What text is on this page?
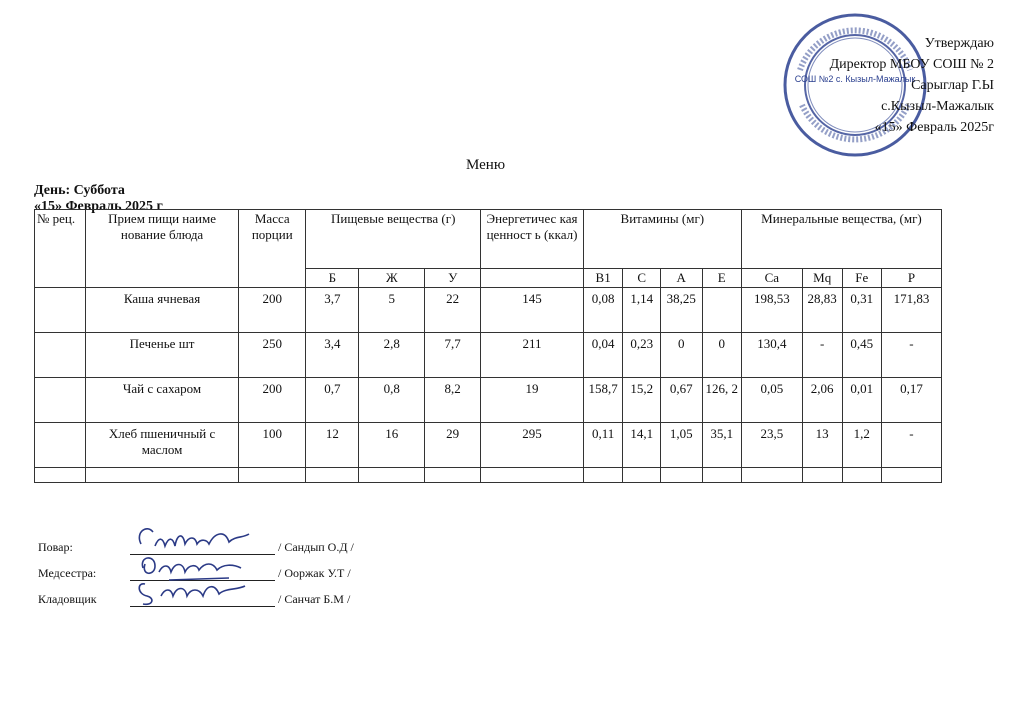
СОШ №2 с. Кызыл-Мажалык
Утверждаю
Директор МБОУ СОШ № 2
Сарыглар Г.Ы
с.Кызыл-Мажалык
«15» Февраль 2025г
Меню
День: Суббота
«15» Февраль 2025 г
№ рец.	Прием пищи наиме нование блюда	Масса порции	Пищевые вещества (г)			Энергетичес кая ценност ь (ккал)	Витамины (мг)				Минеральные вещества, (мг)			
			Б	Ж	У		В1	С	А	Е	Са	Mq	Fe	Р
	Каша ячневая	200	3,7	5	22	145	0,08	1,14	38,25		198,53	28,83	0,31	171,83
	Печенье шт	250	3,4	2,8	7,7	211	0,04	0,23	0	0	130,4	-	0,45	-
	Чай с сахаром	200	0,7	0,8	8,2	19	158,7	15,2	0,67	126, 2	0,05	2,06	0,01	0,17
	Хлеб пшеничный с маслом	100	12	16	29	295	0,11	14,1	1,05	35,1	23,5	13	1,2	-

Повар:	/ Сандып О.Д /
Медсестра:	/ Ооржак У.Т /
Кладовщик	/ Санчат Б.М /
